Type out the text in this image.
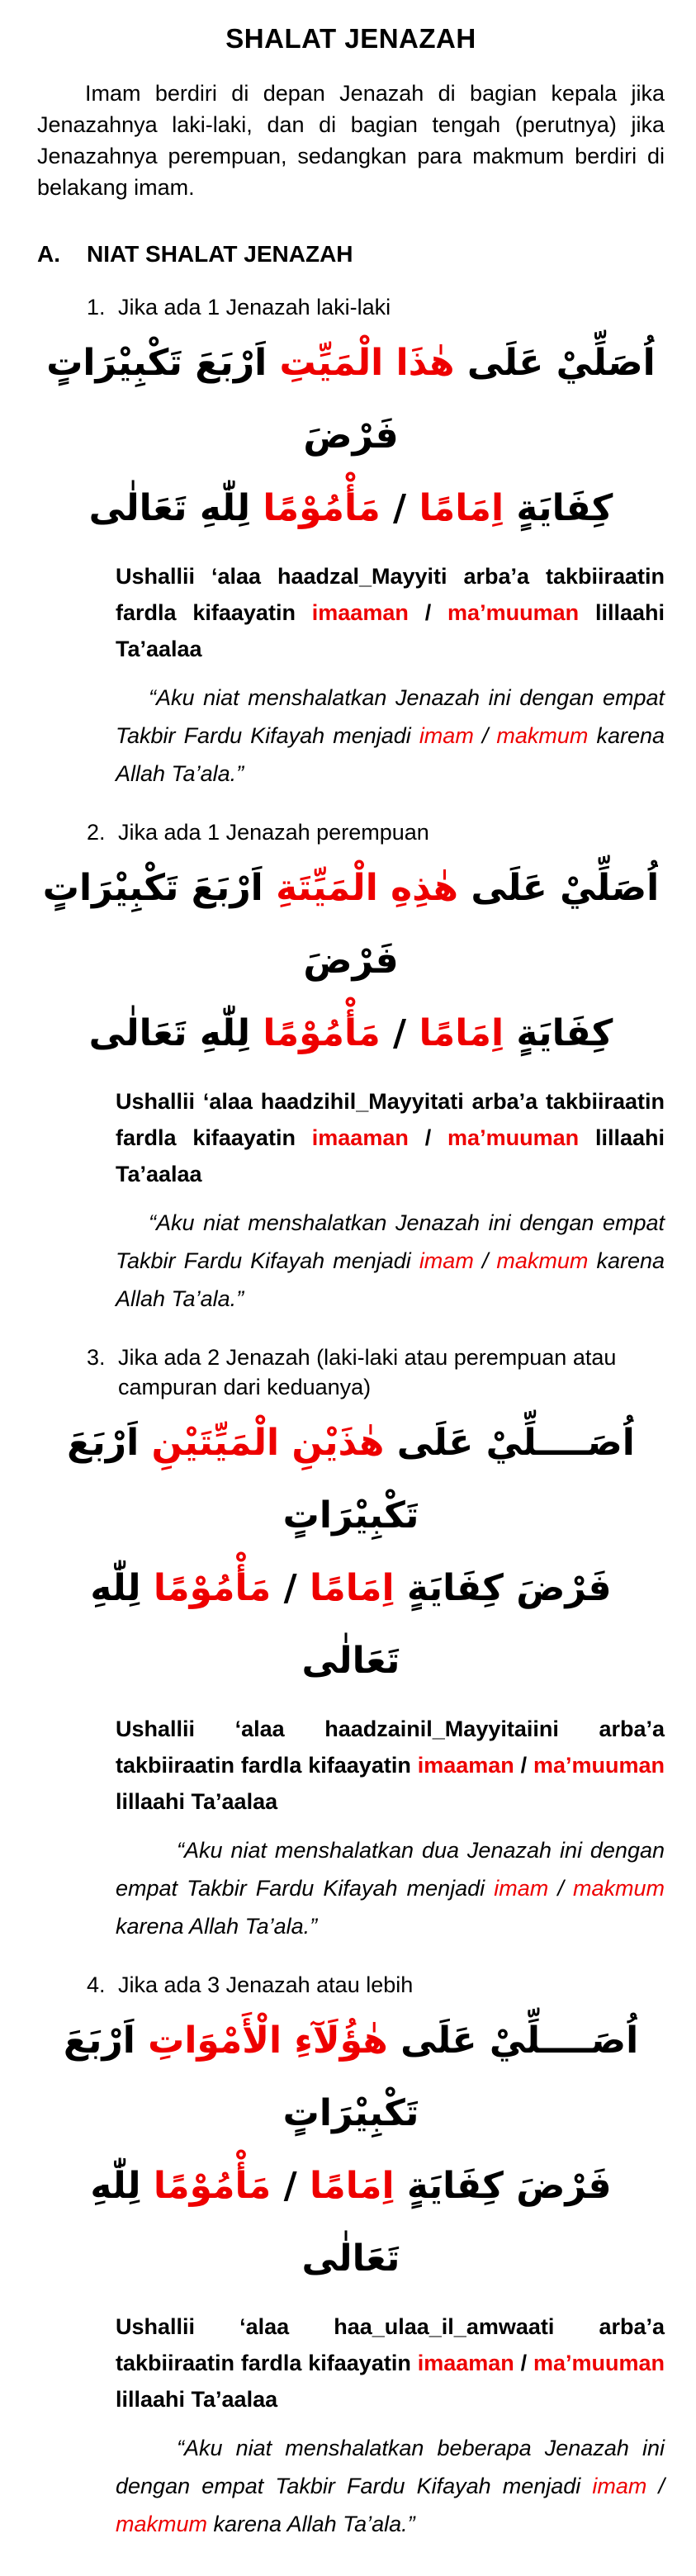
SHALAT JENAZAH

Imam berdiri di depan Jenazah di bagian kepala jika Jenazahnya laki-laki, dan di bagian tengah (perutnya) jika Jenazahnya perempuan, sedangkan para makmum berdiri di belakang imam.

A.	NIAT SHALAT JENAZAH
1. Jika ada 1 Jenazah laki-laki
اُصَلِّيْ عَلَى هٰذَا الْمَيِّتِ اَرْبَعَ تَكْبِيْرَاتٍ فَرْضَ
كِفَايَةٍ اِمَامًا / مَأْمُوْمًا لِلّٰهِ تَعَالٰى

Ushallii ‘alaa haadzal_Mayyiti arba’a takbiiraatin fardla kifaayatin imaaman / ma’muuman lillaahi Ta’aalaa

“Aku niat menshalatkan Jenazah ini dengan empat Takbir Fardu Kifayah menjadi imam / makmum karena Allah Ta’ala.”

2. Jika ada 1 Jenazah perempuan
اُصَلِّيْ عَلَى هٰذِهِ الْمَيِّتَةِ اَرْبَعَ تَكْبِيْرَاتٍ فَرْضَ
كِفَايَةٍ اِمَامًا / مَأْمُوْمًا لِلّٰهِ تَعَالٰى

Ushallii ‘alaa haadzihil_Mayyitati arba’a takbiiraatin fardla kifaayatin imaaman / ma’muuman lillaahi Ta’aalaa

“Aku niat menshalatkan Jenazah ini dengan empat Takbir Fardu Kifayah menjadi imam / makmum karena Allah Ta’ala.”

3. Jika ada 2 Jenazah (laki-laki atau perempuan atau campuran dari keduanya)
اُصَــــلِّيْ عَلَى هٰذَيْنِ الْمَيِّتَيْنِ اَرْبَعَ تَكْبِيْرَاتٍ
فَرْضَ كِفَايَةٍ اِمَامًا / مَأْمُوْمًا لِلّٰهِ تَعَالٰى

Ushallii ‘alaa haadzainil_Mayyitaiini arba’a takbiiraatin fardla kifaayatin imaaman / ma’muuman lillaahi Ta’aalaa

“Aku niat menshalatkan dua Jenazah ini dengan empat Takbir Fardu Kifayah menjadi imam / makmum karena Allah Ta’ala.”

4. Jika ada 3 Jenazah atau lebih
اُصَــــلِّيْ عَلَى هٰؤُلَآءِ الْأَمْوَاتِ اَرْبَعَ تَكْبِيْرَاتٍ
فَرْضَ كِفَايَةٍ اِمَامًا / مَأْمُوْمًا لِلّٰهِ تَعَالٰى

Ushallii ‘alaa haa_ulaa_il_amwaati arba’a takbiiraatin fardla kifaayatin imaaman / ma’muuman lillaahi Ta’aalaa

“Aku niat menshalatkan beberapa Jenazah ini dengan empat Takbir Fardu Kifayah menjadi imam / makmum karena Allah Ta’ala.”
